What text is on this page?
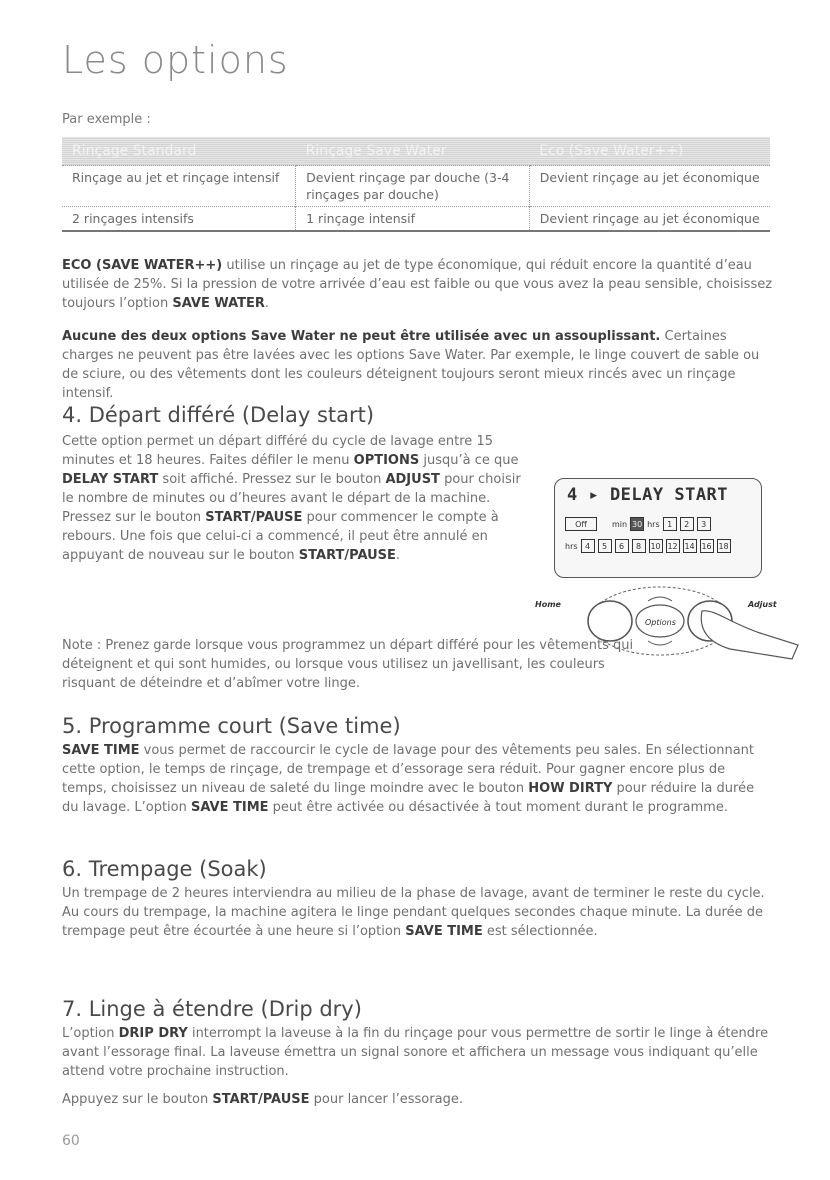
Les options
Par exemple :
Rinçage Standard	Rinçage Save Water	Eco (Save Water++)
Rinçage au jet et rinçage intensif	Devient rinçage par douche (3-4 rinçages par douche)	Devient rinçage au jet économique
2 rinçages intensifs	1 rinçage intensif	Devient rinçage au jet économique
ECO (SAVE WATER++) utilise un rinçage au jet de type économique, qui réduit encore la quantité d’eau utilisée de 25%. Si la pression de votre arrivée d’eau est faible ou que vous avez la peau sensible, choisissez toujours l’option SAVE WATER.
Aucune des deux options Save Water ne peut être utilisée avec un assouplissant. Certaines charges ne peuvent pas être lavées avec les options Save Water. Par exemple, le linge couvert de sable ou de sciure, ou des vêtements dont les couleurs déteignent toujours seront mieux rincés avec un rinçage intensif.
4. Départ différé (Delay start)
Cette option permet un départ différé du cycle de lavage entre 15 minutes et 18 heures. Faites défiler le menu OPTIONS jusqu’à ce que DELAY START soit affiché. Pressez sur le bouton ADJUST pour choisir le nombre de minutes ou d’heures avant le départ de la machine. Pressez sur le bouton START/PAUSE pour commencer le compte à rebours. Une fois que celui-ci a commencé, il peut être annulé en appuyant de nouveau sur le bouton START/PAUSE.
4 ▸ DELAY START
Off	min 30 hrs 1	2	3
hrs 4	5	6	8	10 12 14 16 18
Home
Options
Adjust
Note : Prenez garde lorsque vous programmez un départ différé pour les vêtements qui déteignent et qui sont humides, ou lorsque vous utilisez un javellisant, les couleurs risquant de déteindre et d’abîmer votre linge.
5. Programme court (Save time)
SAVE TIME vous permet de raccourcir le cycle de lavage pour des vêtements peu sales. En sélectionnant cette option, le temps de rinçage, de trempage et d’essorage sera réduit. Pour gagner encore plus de temps, choisissez un niveau de saleté du linge moindre avec le bouton HOW DIRTY pour réduire la durée du lavage. L’option SAVE TIME peut être activée ou désactivée à tout moment durant le programme.
6. Trempage (Soak)
Un trempage de 2 heures interviendra au milieu de la phase de lavage, avant de terminer le reste du cycle. Au cours du trempage, la machine agitera le linge pendant quelques secondes chaque minute. La durée de trempage peut être écourtée à une heure si l’option SAVE TIME est sélectionnée.
7. Linge à étendre (Drip dry)
L’option DRIP DRY interrompt la laveuse à la fin du rinçage pour vous permettre de sortir le linge à étendre avant l’essorage final. La laveuse émettra un signal sonore et affichera un message vous indiquant qu’elle attend votre prochaine instruction.
Appuyez sur le bouton START/PAUSE pour lancer l’essorage.
60
